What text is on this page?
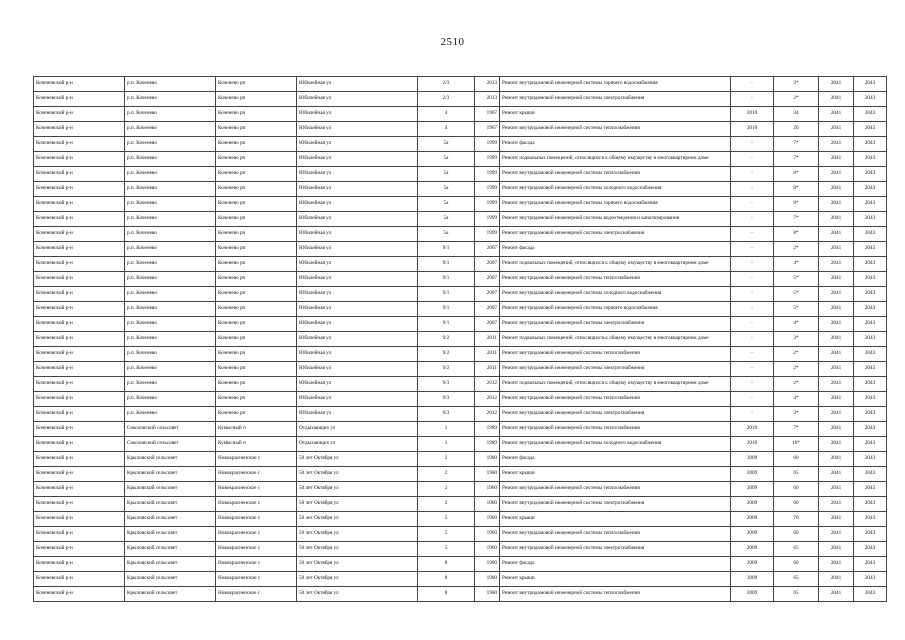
2510
Коченевский р-н	р.п. Коченево	Коченево рп	Юбилейная ул	2/3	2013	Ремонт внутридомовой инженерной системы горячего водоснабжения	-	3*	2041	2043
Коченевский р-н	р.п. Коченево	Коченево рп	Юбилейная ул	2/3	2013	Ремонт внутридомовой инженерной системы электроснабжения	-	2*	2041	2043
Коченевский р-н	р.п. Коченево	Коченево рп	Юбилейная ул	4	1967	Ремонт крыши	2010	34	2041	2043
Коченевский р-н	р.п. Коченево	Коченево рп	Юбилейная ул	4	1967	Ремонт внутридомовой инженерной системы теплоснабжения	2010	20	2041	2043
Коченевский р-н	р.п. Коченево	Коченево рп	Юбилейная ул	5а	1999	Ремонт фасада	-	7*	2041	2043
Коченевский р-н	р.п. Коченево	Коченево рп	Юбилейная ул	5а	1999	Ремонт подвальных помещений, относящихся к общему имуществу в многоквартирном доме	-	7*	2041	2043
Коченевский р-н	р.п. Коченево	Коченево рп	Юбилейная ул	5а	1999	Ремонт внутридомовой инженерной системы теплоснабжения	-	8*	2041	2043
Коченевский р-н	р.п. Коченево	Коченево рп	Юбилейная ул	5а	1999	Ремонт внутридомовой инженерной системы холодного водоснабжения	-	8*	2041	2043
Коченевский р-н	р.п. Коченево	Коченево рп	Юбилейная ул	5а	1999	Ремонт внутридомовой инженерной системы горячего водоснабжения	-	8*	2041	2043
Коченевский р-н	р.п. Коченево	Коченево рп	Юбилейная ул	5а	1999	Ремонт внутридомовой инженерной системы водоотведения и канализирования	-	7*	2041	2043
Коченевский р-н	р.п. Коченево	Коченево рп	Юбилейная ул	5а	1999	Ремонт внутридомовой инженерной системы электроснабжения	-	8*	2041	2043
Коченевский р-н	р.п. Коченево	Коченево рп	Юбилейная ул	9/1	2007	Ремонт фасада	-	2*	2041	2043
Коченевский р-н	р.п. Коченево	Коченево рп	Юбилейная ул	9/1	2007	Ремонт подвальных помещений, относящихся к общему имуществу в многоквартирном доме	-	4*	2041	2043
Коченевский р-н	р.п. Коченево	Коченево рп	Юбилейная ул	9/1	2007	Ремонт внутридомовой инженерной системы теплоснабжения	-	5*	2041	2043
Коченевский р-н	р.п. Коченево	Коченево рп	Юбилейная ул	9/1	2007	Ремонт внутридомовой инженерной системы холодного водоснабжения	-	5*	2041	2043
Коченевский р-н	р.п. Коченево	Коченево рп	Юбилейная ул	9/1	2007	Ремонт внутридомовой инженерной системы горячего водоснабжения	-	5*	2041	2043
Коченевский р-н	р.п. Коченево	Коченево рп	Юбилейная ул	9/1	2007	Ремонт внутридомовой инженерной системы электроснабжения	-	4*	2041	2043
Коченевский р-н	р.п. Коченево	Коченево рп	Юбилейная ул	9/2	2011	Ремонт подвальных помещений, относящихся к общему имуществу в многоквартирном доме	-	3*	2041	2043
Коченевский р-н	р.п. Коченево	Коченево рп	Юбилейная ул	9/2	2011	Ремонт внутридомовой инженерной системы теплоснабжения	-	2*	2041	2043
Коченевский р-н	р.п. Коченево	Коченево рп	Юбилейная ул	9/2	2011	Ремонт внутридомовой инженерной системы электроснабжения	-	2*	2041	2043
Коченевский р-н	р.п. Коченево	Коченево рп	Юбилейная ул	9/3	2012	Ремонт подвальных помещений, относящихся к общему имуществу в многоквартирном доме	-	2*	2041	2043
Коченевский р-н	р.п. Коченево	Коченево рп	Юбилейная ул	9/3	2012	Ремонт внутридомовой инженерной системы теплоснабжения	-	4*	2041	2043
Коченевский р-н	р.п. Коченево	Коченево рп	Юбилейная ул	9/3	2012	Ремонт внутридомовой инженерной системы электроснабжения	-	3*	2041	2043
Коченевский р-н	Соколовский сельсовет	Кумысный п	Отдыхающих ул	1	1989	Ремонт внутридомовой инженерной системы теплоснабжения	2010	7*	2041	2043
Коченевский р-н	Соколовский сельсовет	Кумысный п	Отдыхающих ул	1	1989	Ремонт внутридомовой инженерной системы холодного водоснабжения	2010	10*	2041	2043
Коченевский р-н	Крыловский сельсовет	Новокрасненское с	50 лет Октября ул	2	1960	Ремонт фасада	2009	60	2041	2043
Коченевский р-н	Крыловский сельсовет	Новокрасненское с	50 лет Октября ул	2	1960	Ремонт крыши	2009	65	2041	2043
Коченевский р-н	Крыловский сельсовет	Новокрасненское с	50 лет Октября ул	2	1960	Ремонт внутридомовой инженерной системы теплоснабжения	2009	60	2041	2043
Коченевский р-н	Крыловский сельсовет	Новокрасненское с	50 лет Октября ул	2	1960	Ремонт внутридомовой инженерной системы электроснабжения	2009	60	2041	2043
Коченевский р-н	Крыловский сельсовет	Новокрасненское с	50 лет Октября ул	5	1960	Ремонт крыши	2009	70	2041	2043
Коченевский р-н	Крыловский сельсовет	Новокрасненское с	50 лет Октября ул	5	1960	Ремонт внутридомовой инженерной системы теплоснабжения	2009	60	2041	2043
Коченевский р-н	Крыловский сельсовет	Новокрасненское с	50 лет Октября ул	5	1960	Ремонт внутридомовой инженерной системы электроснабжения	2009	65	2041	2043
Коченевский р-н	Крыловский сельсовет	Новокрасненское с	50 лет Октября ул	8	1960	Ремонт фасада	2009	60	2041	2043
Коченевский р-н	Крыловский сельсовет	Новокрасненское с	50 лет Октября ул	8	1960	Ремонт крыши	2009	65	2041	2043
Коченевский р-н	Крыловский сельсовет	Новокрасненское с	50 лет Октября ул	8	1960	Ремонт внутридомовой инженерной системы теплоснабжения	2009	65	2041	2043
